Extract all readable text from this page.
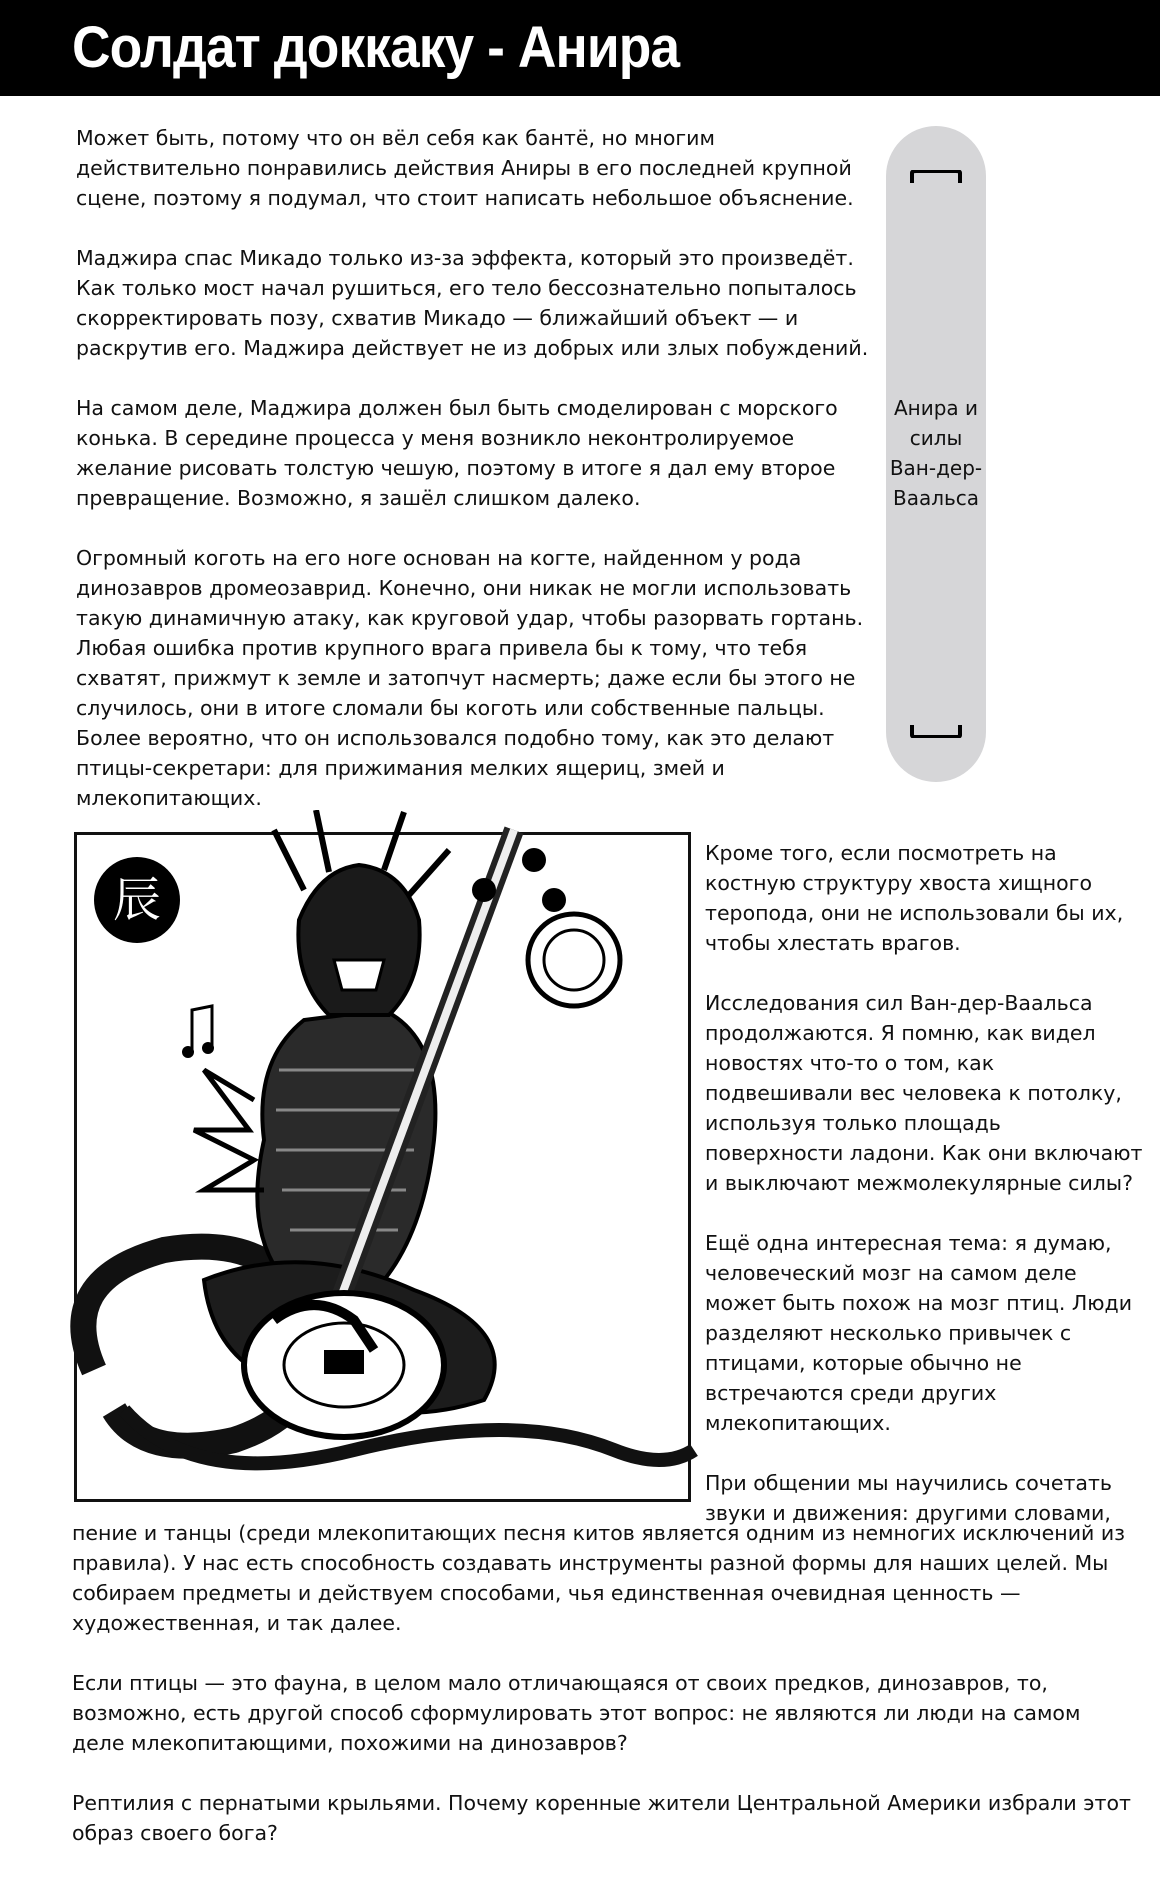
Солдат доккаку - Анира

Может быть, потому что он вёл себя как бантё, но многим действительно понравились действия Аниры в его последней крупной сцене, поэтому я подумал, что стоит написать небольшое объяснение.

Маджира спас Микадо только из-за эффекта, который это произведёт. Как только мост начал рушиться, его тело бессознательно попыталось скорректировать позу, схватив Микадо — ближайший объект — и раскрутив его. Маджира действует не из добрых или злых побуждений.

На самом деле, Маджира должен был быть смоделирован с морского конька. В середине процесса у меня возникло неконтролируемое желание рисовать толстую чешую, поэтому в итоге я дал ему второе превращение. Возможно, я зашёл слишком далеко.

Огромный коготь на его ноге основан на когте, найденном у рода динозавров дромеозаврид. Конечно, они никак не могли использовать такую динамичную атаку, как круговой удар, чтобы разорвать гортань. Любая ошибка против крупного врага привела бы к тому, что тебя схватят, прижмут к земле и затопчут насмерть; даже если бы этого не случилось, они в итоге сломали бы коготь или собственные пальцы. Более вероятно, что он использовался подобно тому, как это делают птицы-секретари: для прижимания мелких ящериц, змей и млекопитающих.

Анира и силы Ван-дер-Ваальса
辰

Кроме того, если посмотреть на костную структуру хвоста хищного теропода, они не использовали бы их, чтобы хлестать врагов.

Исследования сил Ван-дер-Ваальса продолжаются. Я помню, как видел новостях что-то о том, как подвешивали вес человека к потолку, используя только площадь поверхности ладони. Как они включают и выключают межмолекулярные силы?

Ещё одна интересная тема: я думаю, человеческий мозг на самом деле может быть похож на мозг птиц. Люди разделяют несколько привычек с птицами, которые обычно не встречаются среди других млекопитающих.

При общении мы научились сочетать звуки и движения: другими словами,

пение и танцы (среди млекопитающих песня китов является одним из немногих исключений из правила). У нас есть способность создавать инструменты разной формы для наших целей. Мы собираем предметы и действуем способами, чья единственная очевидная ценность — художественная, и так далее.

Если птицы — это фауна, в целом мало отличающаяся от своих предков, динозавров, то, возможно, есть другой способ сформулировать этот вопрос: не являются ли люди на самом деле млекопитающими, похожими на динозавров?

Рептилия с пернатыми крыльями. Почему коренные жители Центральной Америки избрали этот образ своего бога?
